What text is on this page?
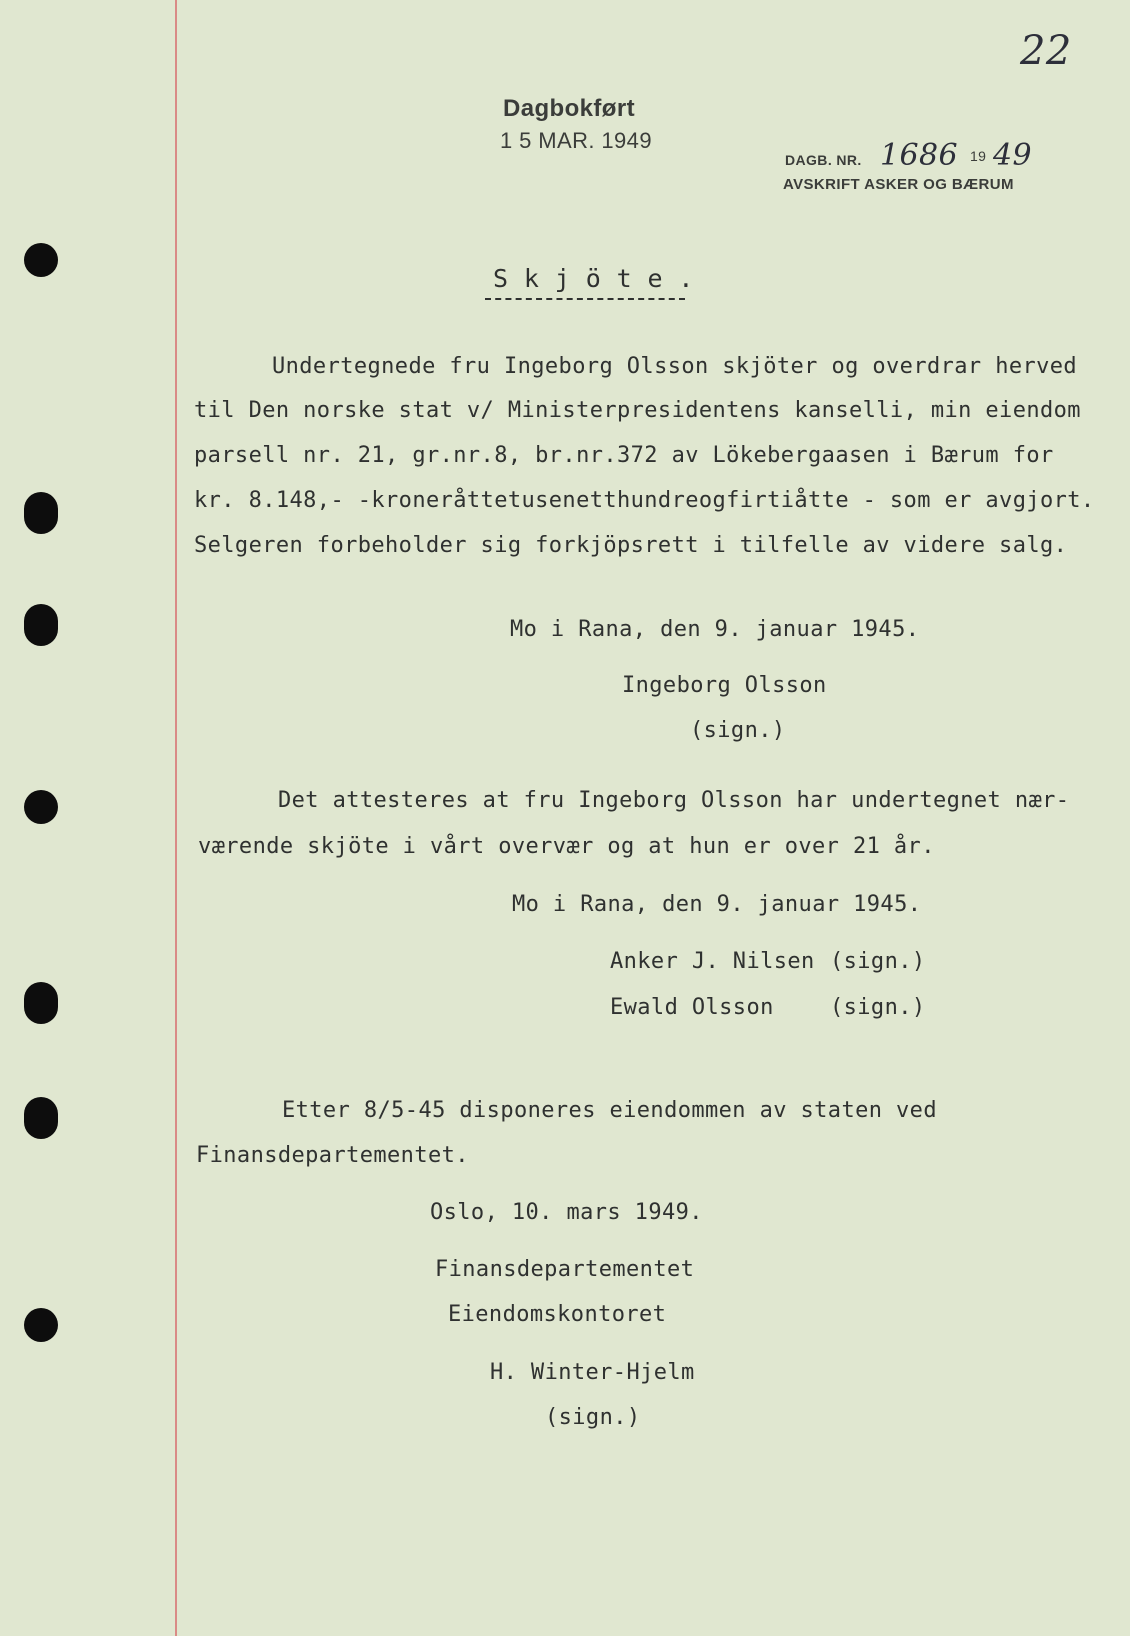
22
Dagbokført
1 5 MAR. 1949
DAGB. NR. 1686 19 49
AVSKRIFT ASKER OG BÆRUM
S k j ö t e .
Undertegnede fru Ingeborg Olsson skjöter og overdrar herved
til Den norske stat v/ Ministerpresidentens kanselli, min eiendom
parsell nr. 21, gr.nr.8, br.nr.372 av Lökebergaasen i Bærum for
kr. 8.148,- -kroneråttetusenetthundreogfirtiåtte - som er avgjort.
Selgeren forbeholder sig forkjöpsrett i tilfelle av videre salg.
Mo i Rana, den 9. januar 1945.
Ingeborg Olsson
(sign.)
Det attesteres at fru Ingeborg Olsson har undertegnet nær-
værende skjöte i vårt overvær og at hun er over 21 år.
Mo i Rana, den 9. januar 1945.
Anker J. Nilsen (sign.)
Ewald Olsson	(sign.)
Etter 8/5-45 disponeres eiendommen av staten ved
Finansdepartementet.
Oslo, 10. mars 1949.
Finansdepartementet
Eiendomskontoret
H. Winter-Hjelm
(sign.)
